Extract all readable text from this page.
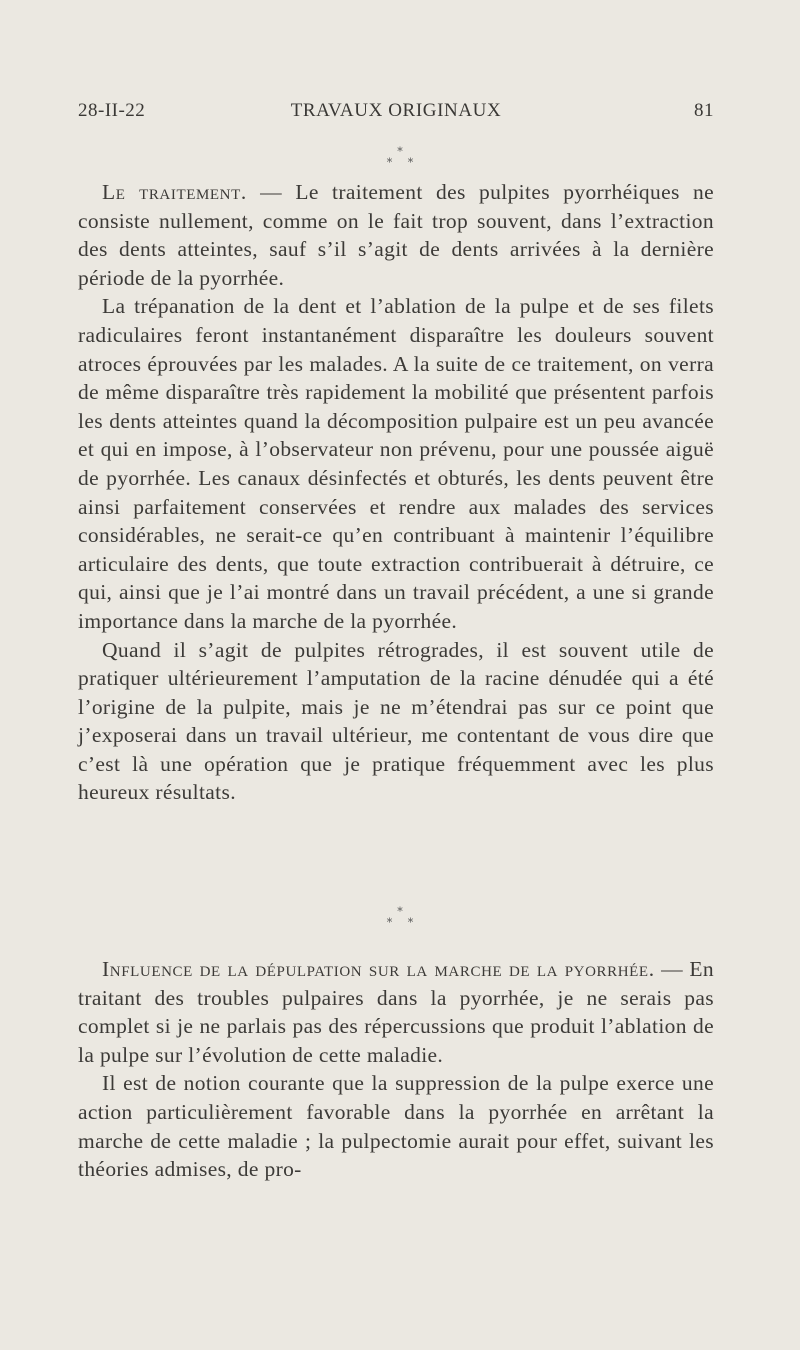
28-II-22	TRAVAUX ORIGINAUX	81
*
* *

Le traitement. — Le traitement des pulpites pyorrhéiques ne consiste nullement, comme on le fait trop souvent, dans l’extraction des dents atteintes, sauf s’il s’agit de dents arrivées à la dernière période de la pyorrhée.

La trépanation de la dent et l’ablation de la pulpe et de ses filets radiculaires feront instantanément disparaître les douleurs souvent atroces éprouvées par les malades. A la suite de ce traitement, on verra de même disparaître très rapidement la mobilité que présentent parfois les dents atteintes quand la décomposition pulpaire est un peu avancée et qui en impose, à l’observateur non prévenu, pour une poussée aiguë de pyorrhée. Les canaux désinfectés et obturés, les dents peuvent être ainsi parfaitement conservées et rendre aux malades des services considérables, ne serait-ce qu’en contribuant à maintenir l’équilibre articulaire des dents, que toute extraction contribuerait à détruire, ce qui, ainsi que je l’ai montré dans un travail précédent, a une si grande importance dans la marche de la pyorrhée.

Quand il s’agit de pulpites rétrogrades, il est souvent utile de pratiquer ultérieurement l’amputation de la racine dénudée qui a été l’origine de la pulpite, mais je ne m’étendrai pas sur ce point que j’exposerai dans un travail ultérieur, me contentant de vous dire que c’est là une opération que je pratique fréquemment avec les plus heureux résultats.

*
* *

Influence de la dépulpation sur la marche de la pyorrhée. — En traitant des troubles pulpaires dans la pyorrhée, je ne serais pas complet si je ne parlais pas des répercussions que produit l’ablation de la pulpe sur l’évolution de cette maladie.

Il est de notion courante que la suppression de la pulpe exerce une action particulièrement favorable dans la pyorrhée en arrêtant la marche de cette maladie ; la pulpectomie aurait pour effet, suivant les théories admises, de pro-
